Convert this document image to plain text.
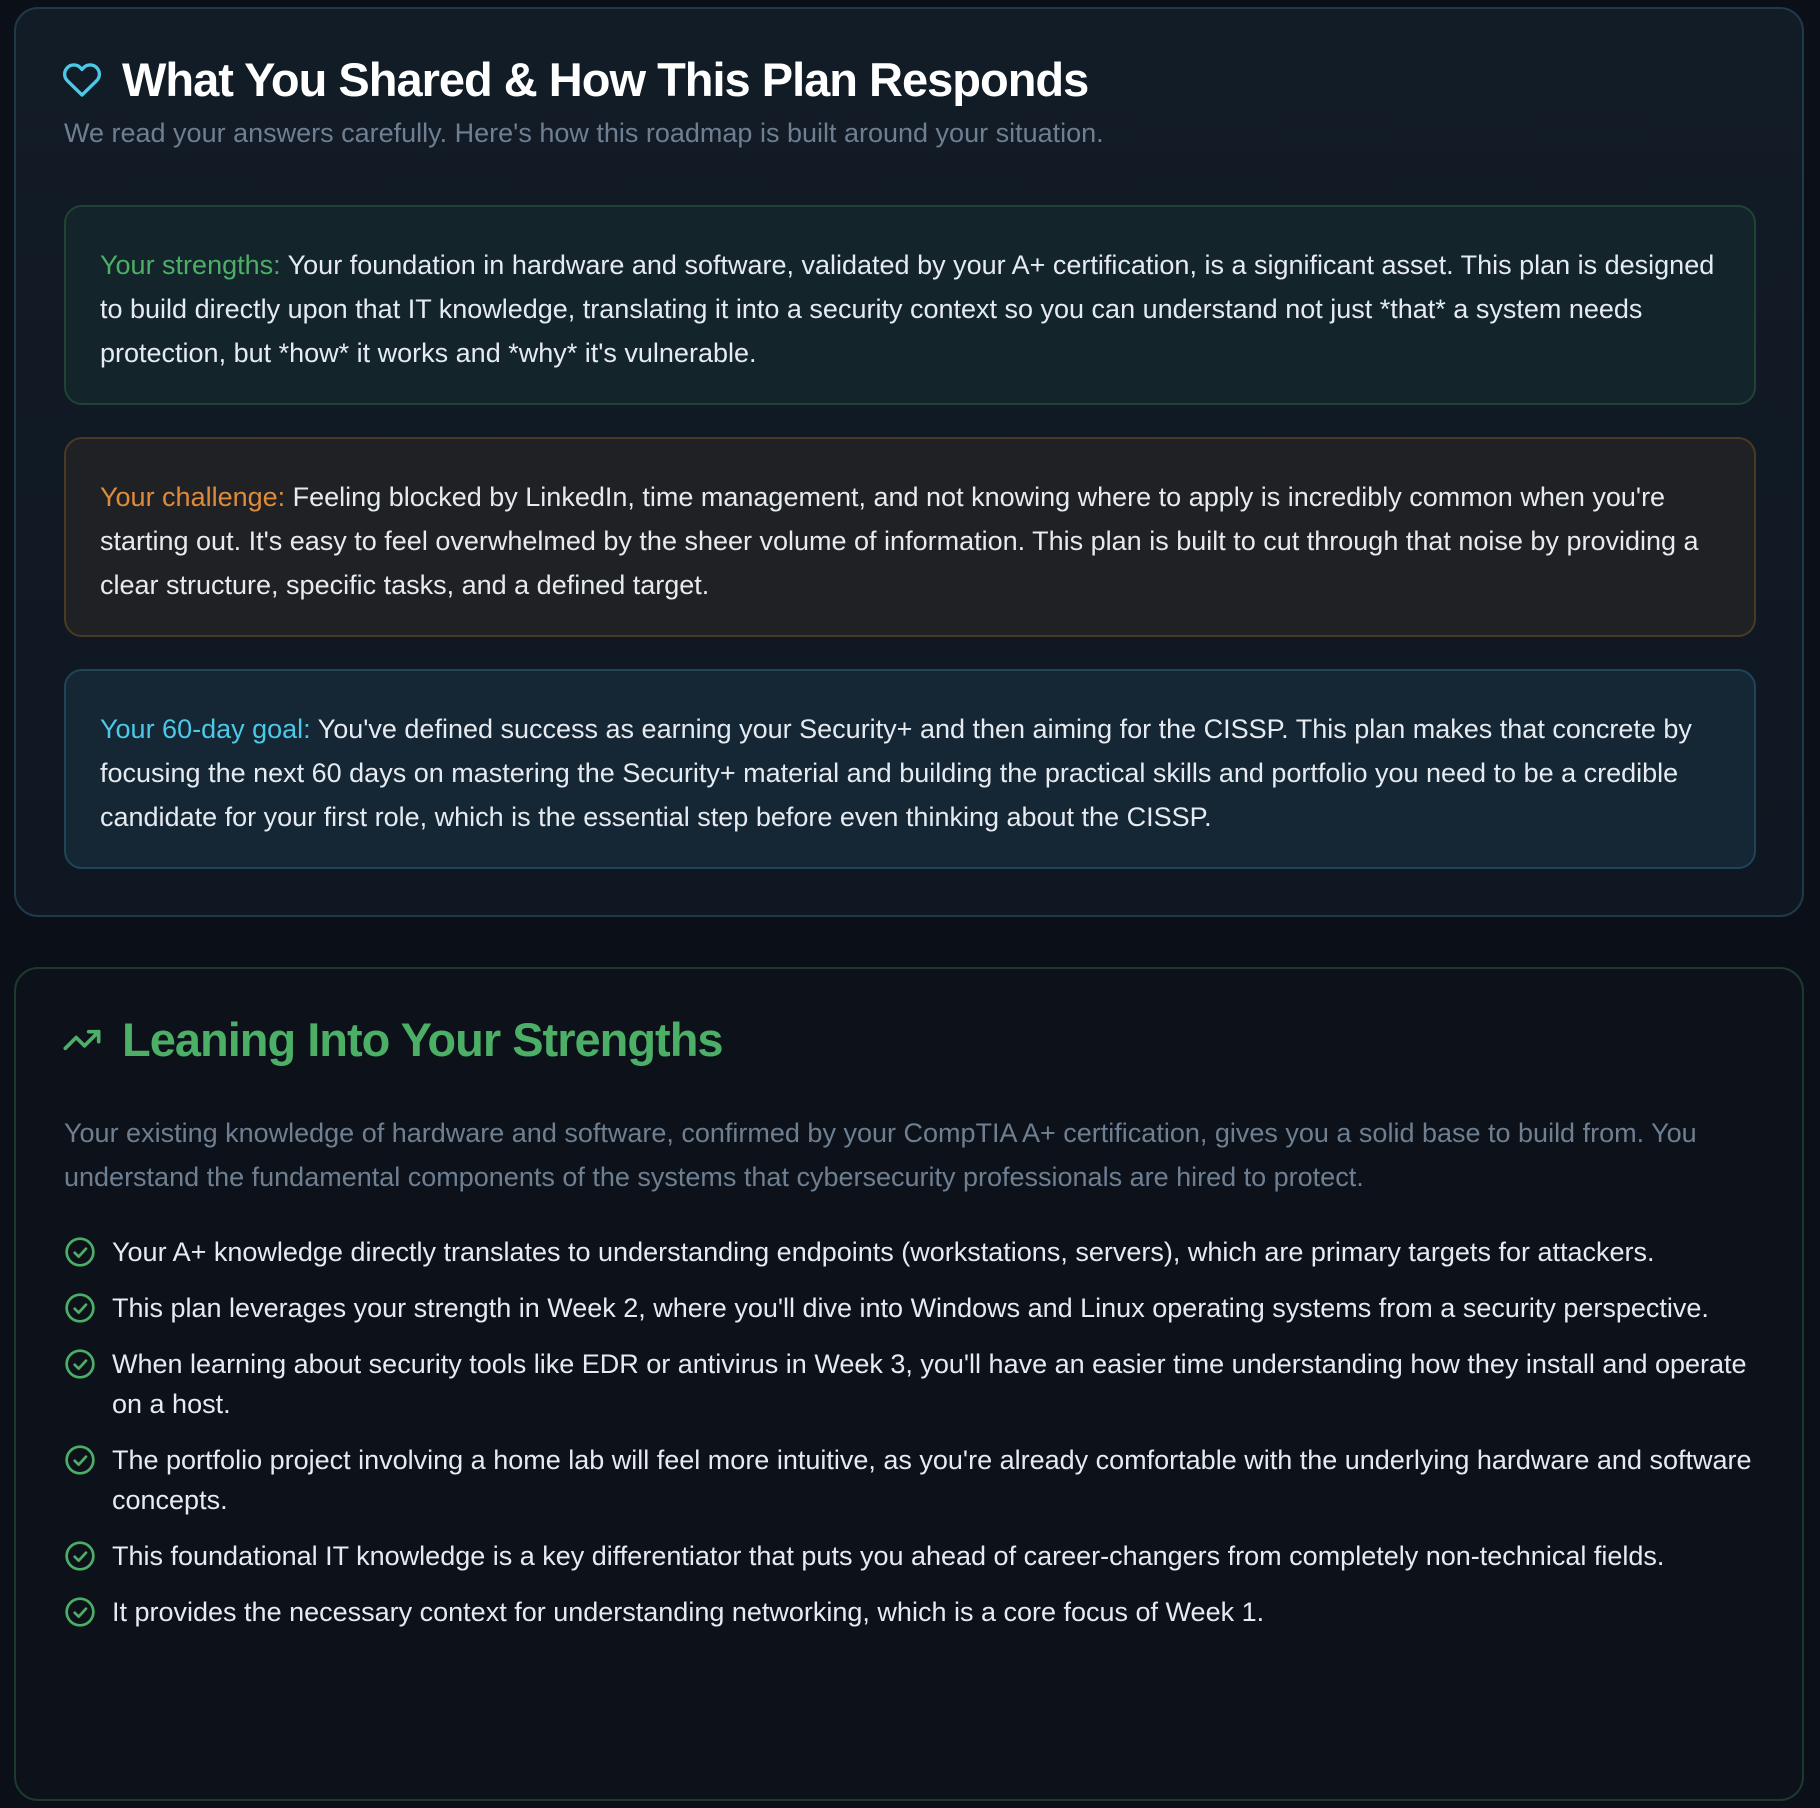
What You Shared & How This Plan Responds

We read your answers carefully. Here's how this roadmap is built around your situation.

Your strengths: Your foundation in hardware and software, validated by your A+ certification, is a significant asset. This plan is designed to build directly upon that IT knowledge, translating it into a security context so you can understand not just *that* a system needs protection, but *how* it works and *why* it's vulnerable.
Your challenge: Feeling blocked by LinkedIn, time management, and not knowing where to apply is incredibly common when you're starting out. It's easy to feel overwhelmed by the sheer volume of information. This plan is built to cut through that noise by providing a clear structure, specific tasks, and a defined target.
Your 60-day goal: You've defined success as earning your Security+ and then aiming for the CISSP. This plan makes that concrete by focusing the next 60 days on mastering the Security+ material and building the practical skills and portfolio you need to be a credible candidate for your first role, which is the essential step before even thinking about the CISSP.
Leaning Into Your Strengths

Your existing knowledge of hardware and software, confirmed by your CompTIA A+ certification, gives you a solid base to build from. You understand the fundamental components of the systems that cybersecurity professionals are hired to protect.

Your A+ knowledge directly translates to understanding endpoints (workstations, servers), which are primary targets for attackers.
This plan leverages your strength in Week 2, where you'll dive into Windows and Linux operating systems from a security perspective.
When learning about security tools like EDR or antivirus in Week 3, you'll have an easier time understanding how they install and operate on a host.
The portfolio project involving a home lab will feel more intuitive, as you're already comfortable with the underlying hardware and software concepts.
This foundational IT knowledge is a key differentiator that puts you ahead of career-changers from completely non-technical fields.
It provides the necessary context for understanding networking, which is a core focus of Week 1.
